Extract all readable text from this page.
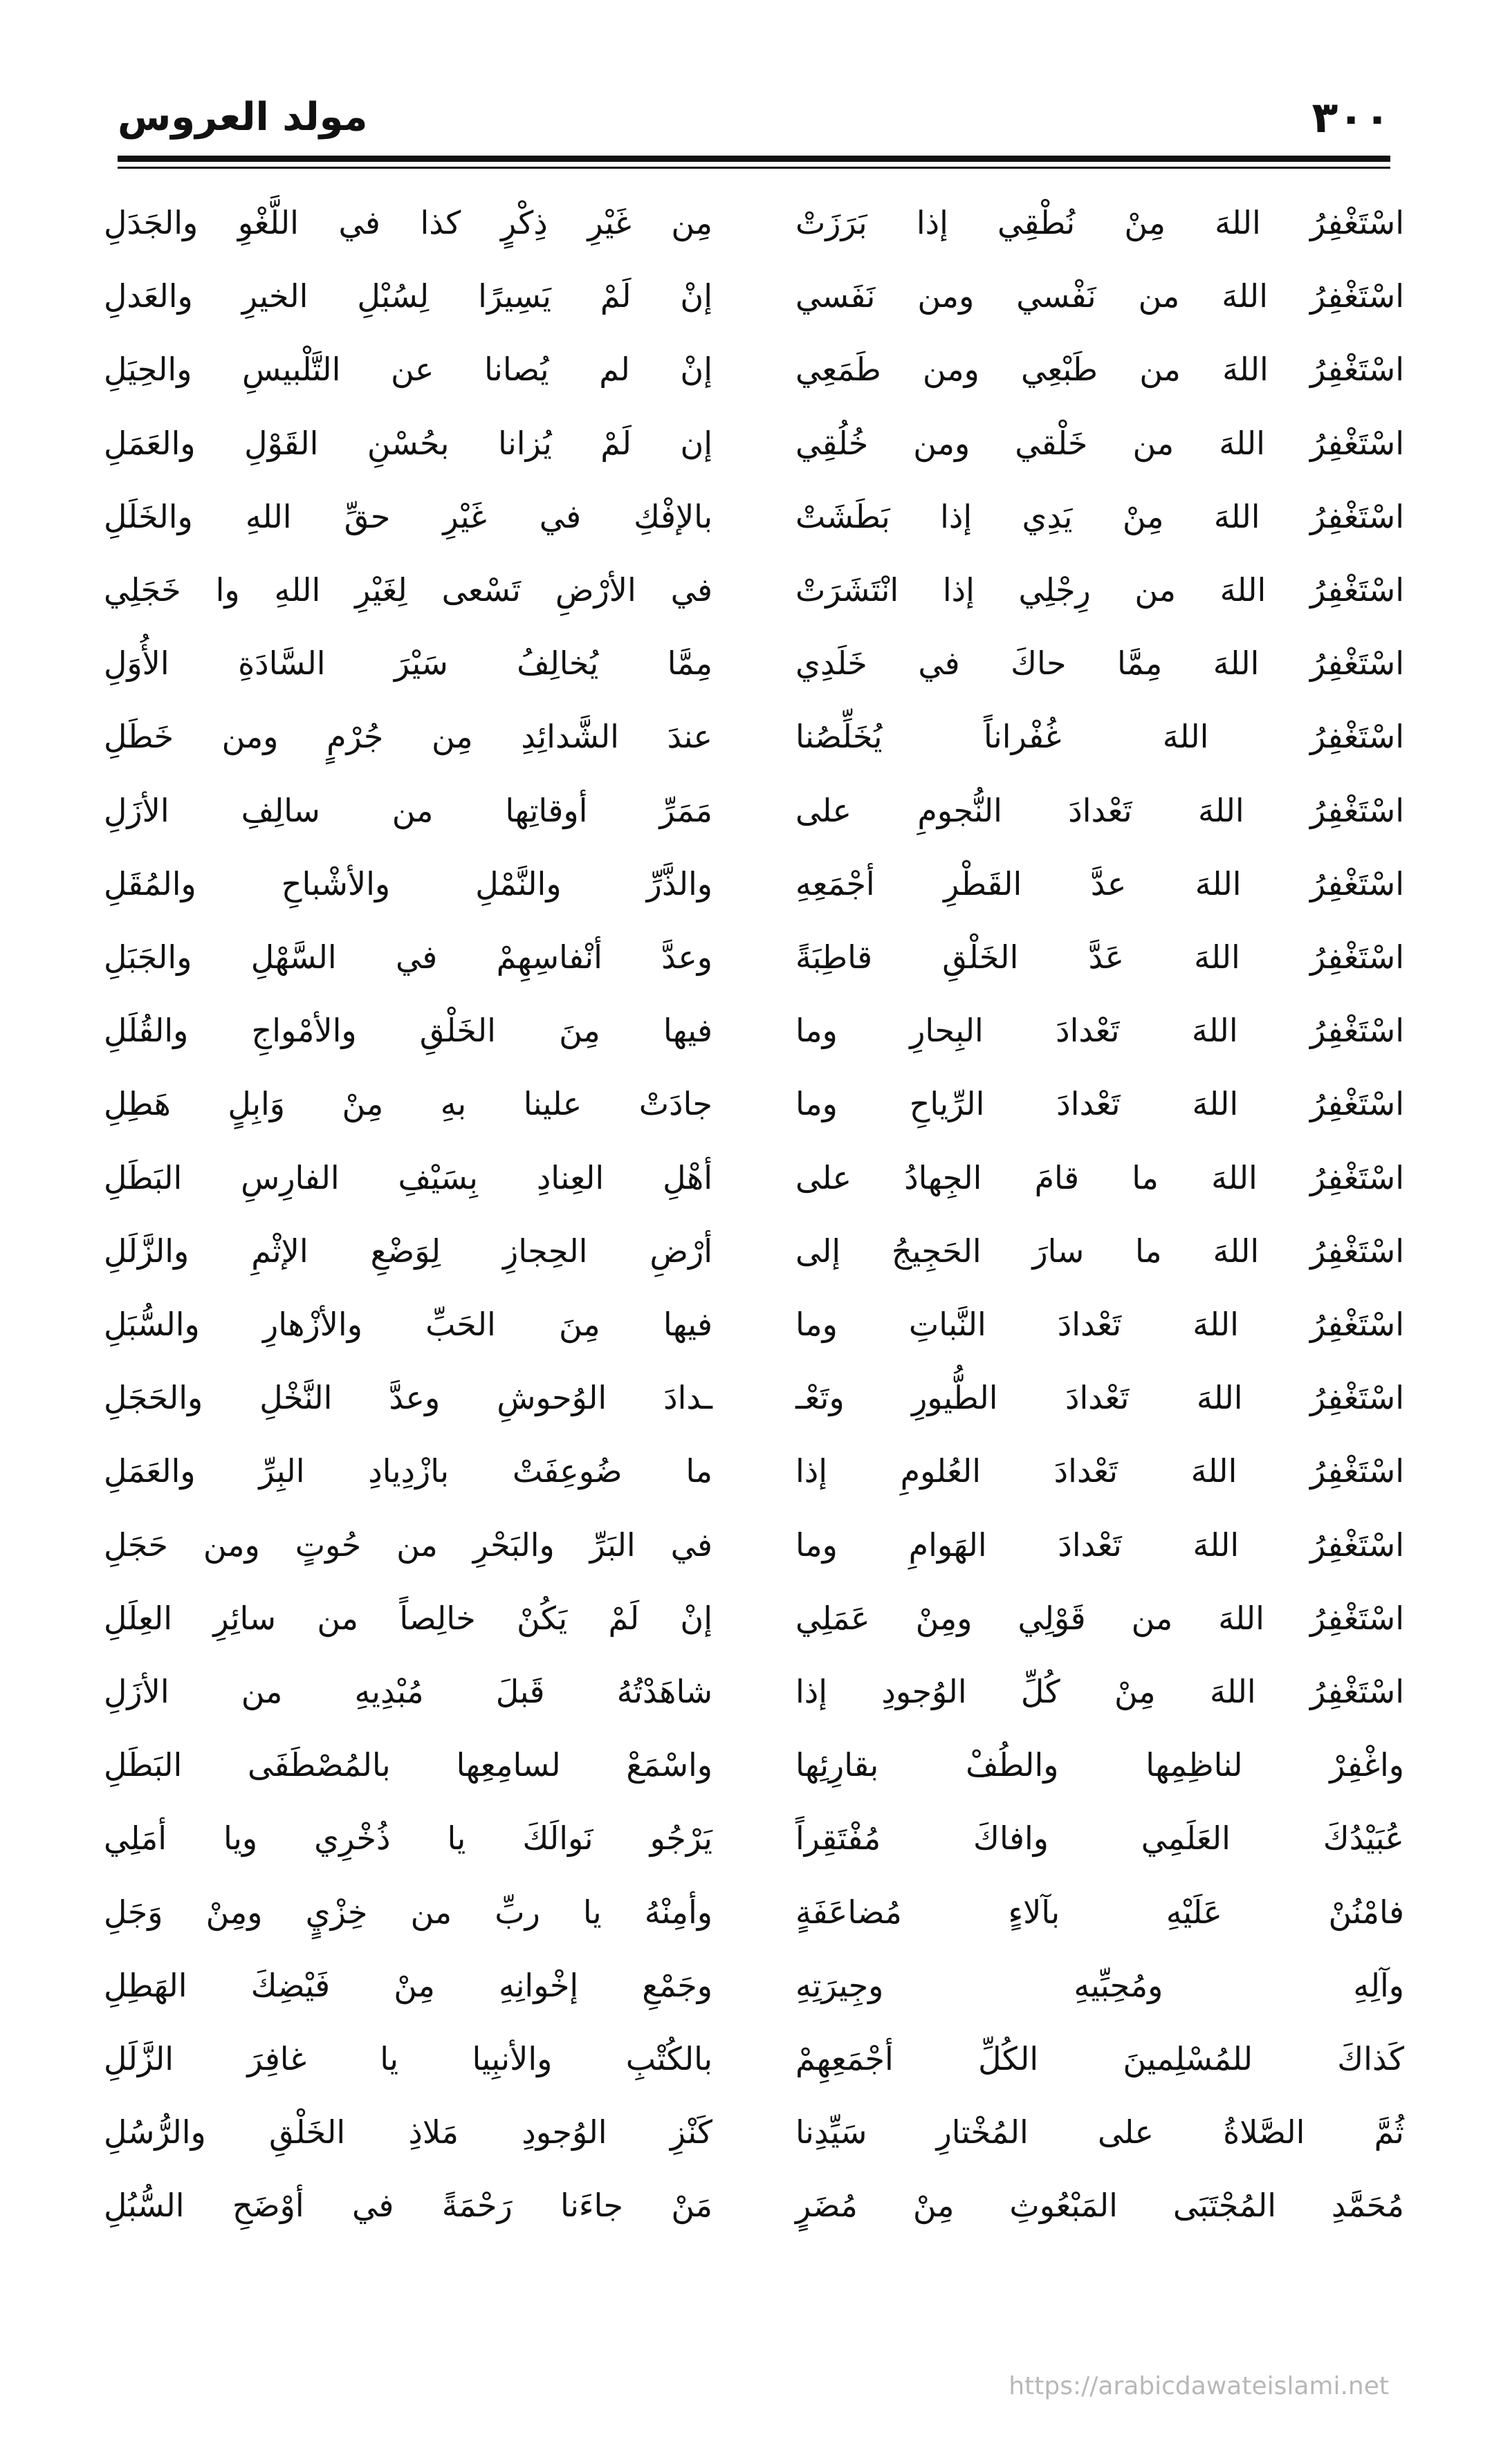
٣٠٠
مولد العروس
اسْتَغْفِرُ اللهَ مِنْ نُطْقِي إذا بَرَزَتْ
مِن غَيْرِ ذِكْرٍ كذا في اللَّغْوِ والجَدَلِ
اسْتَغْفِرُ اللهَ من نَفْسي ومن نَفَسي
إنْ لَمْ يَسِيرًا لِسُبْلِ الخيرِ والعَدلِ
اسْتَغْفِرُ اللهَ من طَبْعِي ومن طَمَعِي
إنْ لم يُصانا عن التَّلْبيسِ والحِيَلِ
اسْتَغْفِرُ اللهَ من خَلْقي ومن خُلُقِي
إن لَمْ يُزانا بحُسْنِ القَوْلِ والعَمَلِ
اسْتَغْفِرُ اللهَ مِنْ يَدِي إذا بَطَشَتْ
بالإفْكِ في غَيْرِ حقِّ اللهِ والخَلَلِ
اسْتَغْفِرُ اللهَ من رِجْلِي إذا انْتَشَرَتْ
في الأرْضِ تَسْعى لِغَيْرِ اللهِ وا خَجَلِي
اسْتَغْفِرُ اللهَ مِمَّا حاكَ في خَلَدِي
مِمَّا يُخالِفُ سَيْرَ السَّادَةِ الأُوَلِ
اسْتَغْفِرُ اللهَ غُفْراناً يُخَلِّصُنا
عندَ الشَّدائِدِ مِن جُرْمٍ ومن خَطَلِ
اسْتَغْفِرُ اللهَ تَعْدادَ النُّجومِ على
مَمَرِّ أوقاتِها من سالِفِ الأزَلِ
اسْتَغْفِرُ اللهَ عدَّ القَطْرِ أجْمَعِهِ
والذَّرِّ والنَّمْلِ والأشْباحِ والمُقَلِ
اسْتَغْفِرُ اللهَ عَدَّ الخَلْقِ قاطِبَةً
وعدَّ أنْفاسِهِمْ في السَّهْلِ والجَبَلِ
اسْتَغْفِرُ اللهَ تَعْدادَ البِحارِ وما
فيها مِنَ الخَلْقِ والأمْواجِ والقُلَلِ
اسْتَغْفِرُ اللهَ تَعْدادَ الرِّياحِ وما
جادَتْ علينا بهِ مِنْ وَابِلٍ هَطِلِ
اسْتَغْفِرُ اللهَ ما قامَ الجِهادُ على
أهْلِ العِنادِ بِسَيْفِ الفارِسِ البَطَلِ
اسْتَغْفِرُ اللهَ ما سارَ الحَجِيجُ إلى
أرْضِ الحِجازِ لِوَضْعِ الإثْمِ والزَّلَلِ
اسْتَغْفِرُ اللهَ تَعْدادَ النَّباتِ وما
فيها مِنَ الحَبِّ والأزْهارِ والسُّبَلِ
اسْتَغْفِرُ اللهَ تَعْدادَ الطُّيورِ وتَعْـ
ـدادَ الوُحوشِ وعدَّ النَّخْلِ والحَجَلِ
اسْتَغْفِرُ اللهَ تَعْدادَ العُلومِ إذا
ما ضُوعِفَتْ بازْدِيادِ البِرِّ والعَمَلِ
اسْتَغْفِرُ اللهَ تَعْدادَ الهَوامِ وما
في البَرِّ والبَحْرِ من حُوتٍ ومن حَجَلِ
اسْتَغْفِرُ اللهَ من قَوْلِي ومِنْ عَمَلِي
إنْ لَمْ يَكُنْ خالِصاً من سائِرِ العِلَلِ
اسْتَغْفِرُ اللهَ مِنْ كُلِّ الوُجودِ إذا
شاهَدْتُهُ قَبلَ مُبْدِيهِ من الأزَلِ
واغْفِرْ لناظِمِها والطُفْ بقارِئِها
واسْمَعْ لسامِعِها بالمُصْطَفَى البَطَلِ
عُبَيْدُكَ العَلَمِي وافاكَ مُفْتَقِراً
يَرْجُو نَوالَكَ يا ذُخْرِي ويا أمَلِي
فامْنُنْ عَلَيْهِ بآلاءٍ مُضاعَفَةٍ
وأمِنْهُ يا ربِّ من خِزْيٍ ومِنْ وَجَلِ
وآلِهِ ومُحِبِّيهِ وجِيرَتِهِ
وجَمْعِ إخْوانِهِ مِنْ فَيْضِكَ الهَطِلِ
كَذاكَ للمُسْلِمينَ الكُلِّ أجْمَعِهِمْ
بالكُتْبِ والأنبِيا يا غافِرَ الزَّلَلِ
ثُمَّ الصَّلاةُ على المُخْتارِ سَيِّدِنا
كَنْزِ الوُجودِ مَلاذِ الخَلْقِ والرُّسُلِ
مُحَمَّدِ المُجْتَبَى المَبْعُوثِ مِنْ مُضَرٍ
مَنْ جاءَنا رَحْمَةً في أوْضَحِ السُّبُلِ
https://arabicdawateislami.net
